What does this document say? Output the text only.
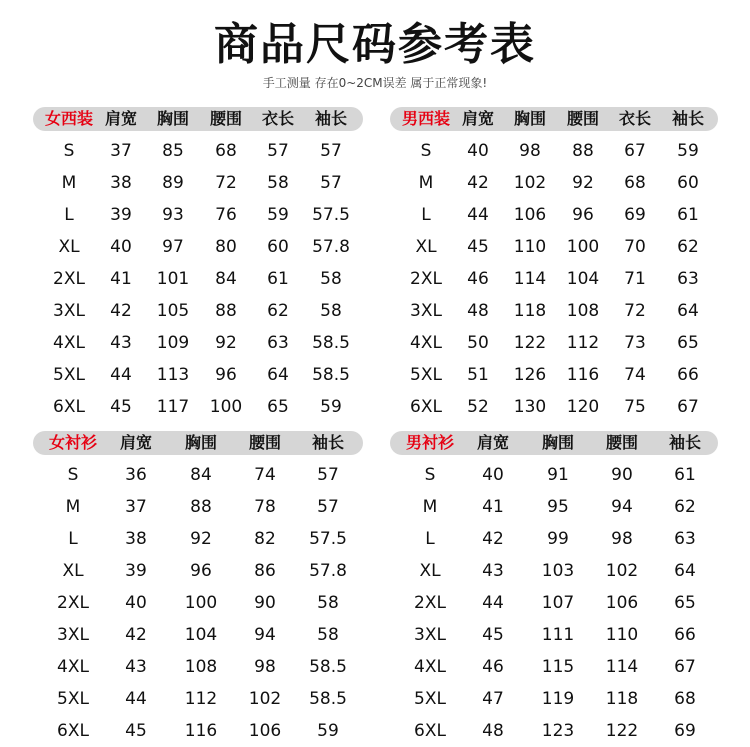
商品尺码参考表
手工测量 存在0~2CM误差 属于正常现象!
女西装 肩宽	胸围	腰围	衣长	袖长
S	37	85	68	57	57
M	38	89	72	58	57
L	39	93	76	59	57.5
XL	40	97	80	60	57.8
2XL	41	101	84	61	58
3XL	42	105	88	62	58
4XL	43	109	92	63	58.5
5XL	44	113	96	64	58.5
6XL	45	117	100	65	59
男西装 肩宽	胸围	腰围	衣长	袖长
S	40	98	88	67	59
M	42	102	92	68	60
L	44	106	96	69	61
XL	45	110	100	70	62
2XL	46	114	104	71	63
3XL	48	118	108	72	64
4XL	50	122	112	73	65
5XL	51	126	116	74	66
6XL	52	130	120	75	67
女衬衫	肩宽	胸围	腰围	袖长
S	36	84	74	57
M	37	88	78	57
L	38	92	82	57.5
XL	39	96	86	57.8
2XL	40	100	90	58
3XL	42	104	94	58
4XL	43	108	98	58.5
5XL	44	112	102	58.5
6XL	45	116	106	59
男衬衫	肩宽	胸围	腰围	袖长
S	40	91	90	61
M	41	95	94	62
L	42	99	98	63
XL	43	103	102	64
2XL	44	107	106	65
3XL	45	111	110	66
4XL	46	115	114	67
5XL	47	119	118	68
6XL	48	123	122	69
